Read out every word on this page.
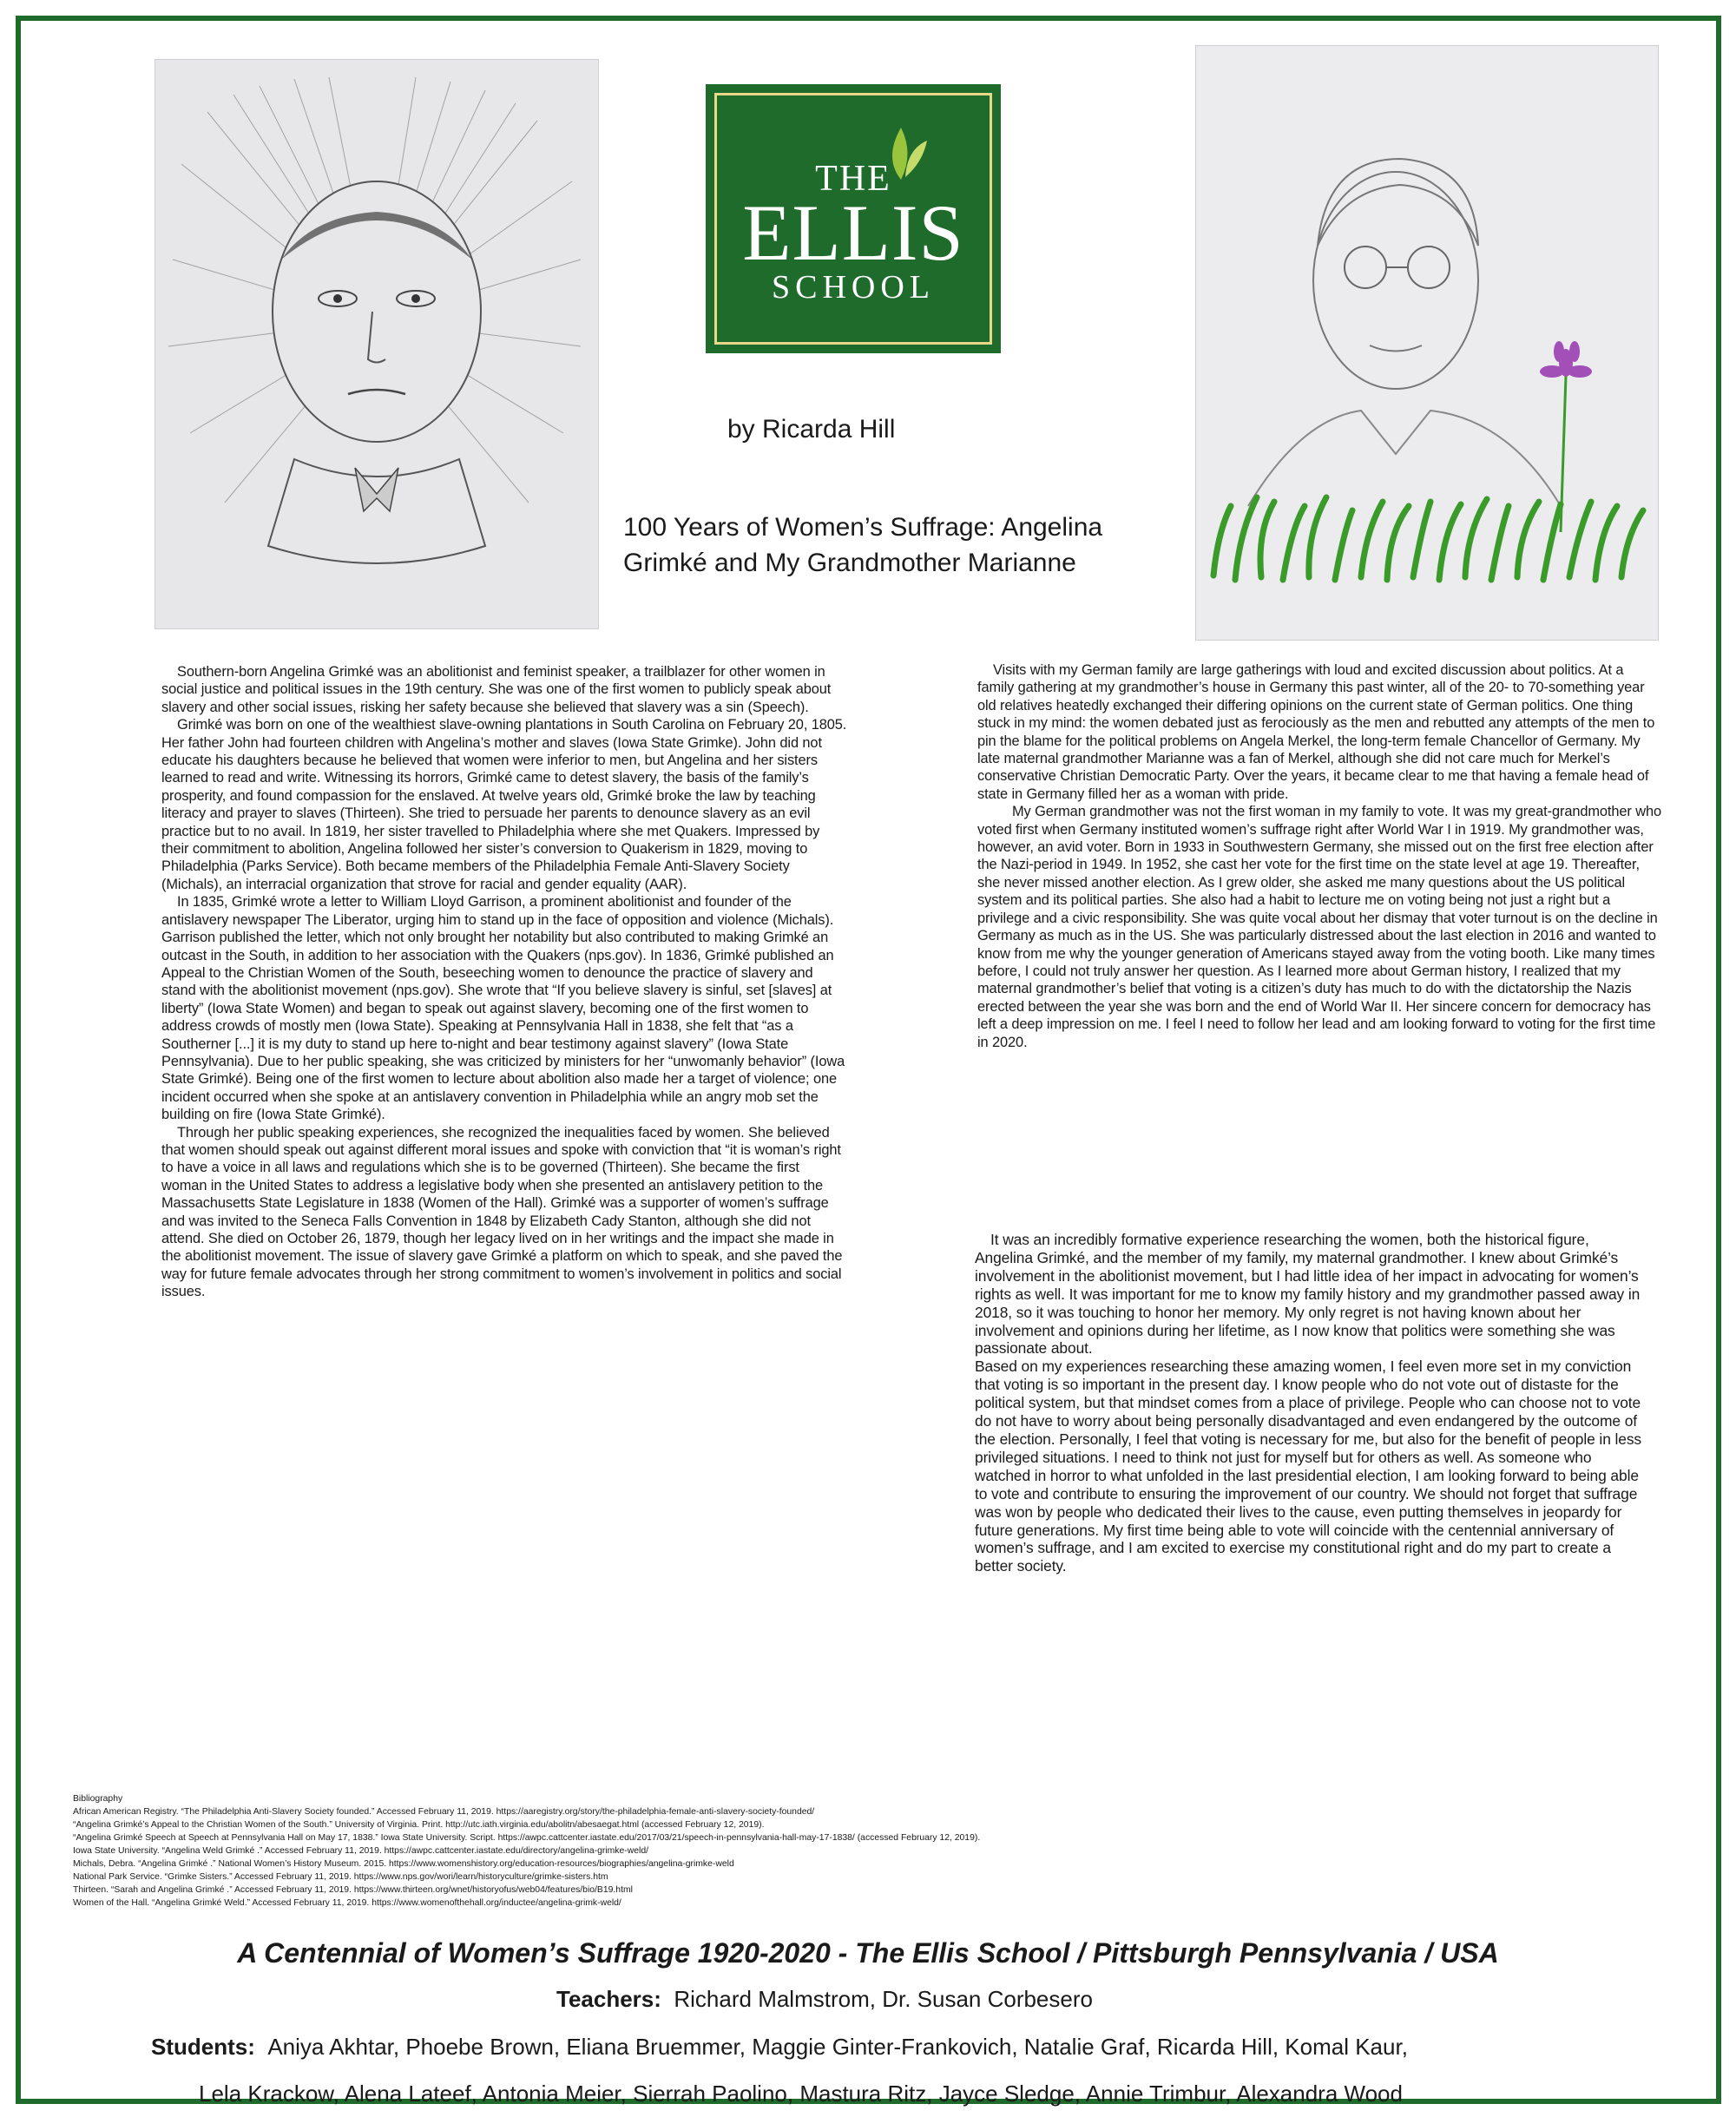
THE
ELLIS
SCHOOL
by Ricarda Hill
100 Years of Women’s Suffrage: Angelina Grimké and My Grandmother Marianne

Southern-born Angelina Grimké was an abolitionist and feminist speaker, a trailblazer for other women in social justice and political issues in the 19th century. She was one of the first women to publicly speak about slavery and other social issues, risking her safety because she believed that slavery was a sin (Speech).

Grimké was born on one of the wealthiest slave-owning plantations in South Carolina on February 20, 1805. Her father John had fourteen children with Angelina’s mother and slaves (Iowa State Grimke). John did not educate his daughters because he believed that women were inferior to men, but Angelina and her sisters learned to read and write. Witnessing its horrors, Grimké came to detest slavery, the basis of the family’s prosperity, and found compassion for the enslaved. At twelve years old, Grimké broke the law by teaching literacy and prayer to slaves (Thirteen). She tried to persuade her parents to denounce slavery as an evil practice but to no avail. In 1819, her sister travelled to Philadelphia where she met Quakers. Impressed by their commitment to abolition, Angelina followed her sister’s conversion to Quakerism in 1829, moving to Philadelphia (Parks Service). Both became members of the Philadelphia Female Anti-Slavery Society (Michals), an interracial organization that strove for racial and gender equality (AAR).

In 1835, Grimké wrote a letter to William Lloyd Garrison, a prominent abolitionist and founder of the antislavery newspaper The Liberator, urging him to stand up in the face of opposition and violence (Michals). Garrison published the letter, which not only brought her notability but also contributed to making Grimké an outcast in the South, in addition to her association with the Quakers (nps.gov). In 1836, Grimké published an Appeal to the Christian Women of the South, beseeching women to denounce the practice of slavery and stand with the abolitionist movement (nps.gov). She wrote that “If you believe slavery is sinful, set [slaves] at liberty” (Iowa State Women) and began to speak out against slavery, becoming one of the first women to address crowds of mostly men (Iowa State). Speaking at Pennsylvania Hall in 1838, she felt that “as a Southerner [...] it is my duty to stand up here to-night and bear testimony against slavery” (Iowa State Pennsylvania). Due to her public speaking, she was criticized by ministers for her “unwomanly behavior” (Iowa State Grimké). Being one of the first women to lecture about abolition also made her a target of violence; one incident occurred when she spoke at an antislavery convention in Philadelphia while an angry mob set the building on fire (Iowa State Grimké).

Through her public speaking experiences, she recognized the inequalities faced by women. She believed that women should speak out against different moral issues and spoke with conviction that “it is woman’s right to have a voice in all laws and regulations which she is to be governed (Thirteen). She became the first woman in the United States to address a legislative body when she presented an antislavery petition to the Massachusetts State Legislature in 1838 (Women of the Hall). Grimké was a supporter of women’s suffrage and was invited to the Seneca Falls Convention in 1848 by Elizabeth Cady Stanton, although she did not attend. She died on October 26, 1879, though her legacy lived on in her writings and the impact she made in the abolitionist movement. The issue of slavery gave Grimké a platform on which to speak, and she paved the way for future female advocates through her strong commitment to women’s involvement in politics and social issues.

Visits with my German family are large gatherings with loud and excited discussion about politics. At a family gathering at my grandmother’s house in Germany this past winter, all of the 20- to 70-something year old relatives heatedly exchanged their differing opinions on the current state of German politics. One thing stuck in my mind: the women debated just as ferociously as the men and rebutted any attempts of the men to pin the blame for the political problems on Angela Merkel, the long-term female Chancellor of Germany. My late maternal grandmother Marianne was a fan of Merkel, although she did not care much for Merkel’s conservative Christian Democratic Party. Over the years, it became clear to me that having a female head of state in Germany filled her as a woman with pride.

My German grandmother was not the first woman in my family to vote. It was my great-grandmother who voted first when Germany instituted women’s suffrage right after World War I in 1919. My grandmother was, however, an avid voter. Born in 1933 in Southwestern Germany, she missed out on the first free election after the Nazi-period in 1949. In 1952, she cast her vote for the first time on the state level at age 19. Thereafter, she never missed another election. As I grew older, she asked me many questions about the US political system and its political parties. She also had a habit to lecture me on voting being not just a right but a privilege and a civic responsibility. She was quite vocal about her dismay that voter turnout is on the decline in Germany as much as in the US. She was particularly distressed about the last election in 2016 and wanted to know from me why the younger generation of Americans stayed away from the voting booth. Like many times before, I could not truly answer her question. As I learned more about German history, I realized that my maternal grandmother’s belief that voting is a citizen’s duty has much to do with the dictatorship the Nazis erected between the year she was born and the end of World War II. Her sincere concern for democracy has left a deep impression on me. I feel I need to follow her lead and am looking forward to voting for the first time in 2020.

It was an incredibly formative experience researching the women, both the historical figure, Angelina Grimké, and the member of my family, my maternal grandmother. I knew about Grimké’s involvement in the abolitionist movement, but I had little idea of her impact in advocating for women’s rights as well. It was important for me to know my family history and my grandmother passed away in 2018, so it was touching to honor her memory. My only regret is not having known about her involvement and opinions during her lifetime, as I now know that politics were something she was passionate about.

Based on my experiences researching these amazing women, I feel even more set in my conviction that voting is so important in the present day. I know people who do not vote out of distaste for the political system, but that mindset comes from a place of privilege. People who can choose not to vote do not have to worry about being personally disadvantaged and even endangered by the outcome of the election. Personally, I feel that voting is necessary for me, but also for the benefit of people in less privileged situations. I need to think not just for myself but for others as well. As someone who watched in horror to what unfolded in the last presidential election, I am looking forward to being able to vote and contribute to ensuring the improvement of our country. We should not forget that suffrage was won by people who dedicated their lives to the cause, even putting themselves in jeopardy for future generations. My first time being able to vote will coincide with the centennial anniversary of women’s suffrage, and I am excited to exercise my constitutional right and do my part to create a better society.

Bibliography
African American Registry. “The Philadelphia Anti-Slavery Society founded.” Accessed February 11, 2019. https://aaregistry.org/story/the-philadelphia-female-anti-slavery-society-founded/
“Angelina Grimké’s Appeal to the Christian Women of the South.” University of Virginia. Print. http://utc.iath.virginia.edu/abolitn/abesaegat.html (accessed February 12, 2019).
“Angelina Grimké Speech at Speech at Pennsylvania Hall on May 17, 1838.” Iowa State University. Script. https://awpc.cattcenter.iastate.edu/2017/03/21/speech-in-pennsylvania-hall-may-17-1838/ (accessed February 12, 2019).
Iowa State University. “Angelina Weld Grimké .” Accessed February 11, 2019. https://awpc.cattcenter.iastate.edu/directory/angelina-grimke-weld/
Michals, Debra. “Angelina Grimké .” National Women’s History Museum. 2015. https://www.womenshistory.org/education-resources/biographies/angelina-grimke-weld
National Park Service. “Grimke Sisters.” Accessed February 11, 2019. https://www.nps.gov/wori/learn/historyculture/grimke-sisters.htm
Thirteen. “Sarah and Angelina Grimké .” Accessed February 11, 2019. https://www.thirteen.org/wnet/historyofus/web04/features/bio/B19.html
Women of the Hall. “Angelina Grimké Weld.” Accessed February 11, 2019. https://www.womenofthehall.org/inductee/angelina-grimk-weld/
A Centennial of Women’s Suffrage 1920-2020 - The Ellis School / Pittsburgh Pennsylvania / USA
Teachers: Richard Malmstrom, Dr. Susan Corbesero
Students: Aniya Akhtar, Phoebe Brown, Eliana Bruemmer, Maggie Ginter-Frankovich, Natalie Graf, Ricarda Hill, Komal Kaur,
Lela Krackow, Alena Lateef, Antonia Meier, Sierrah Paolino, Mastura Ritz, Jayce Sledge, Annie Trimbur, Alexandra Wood
